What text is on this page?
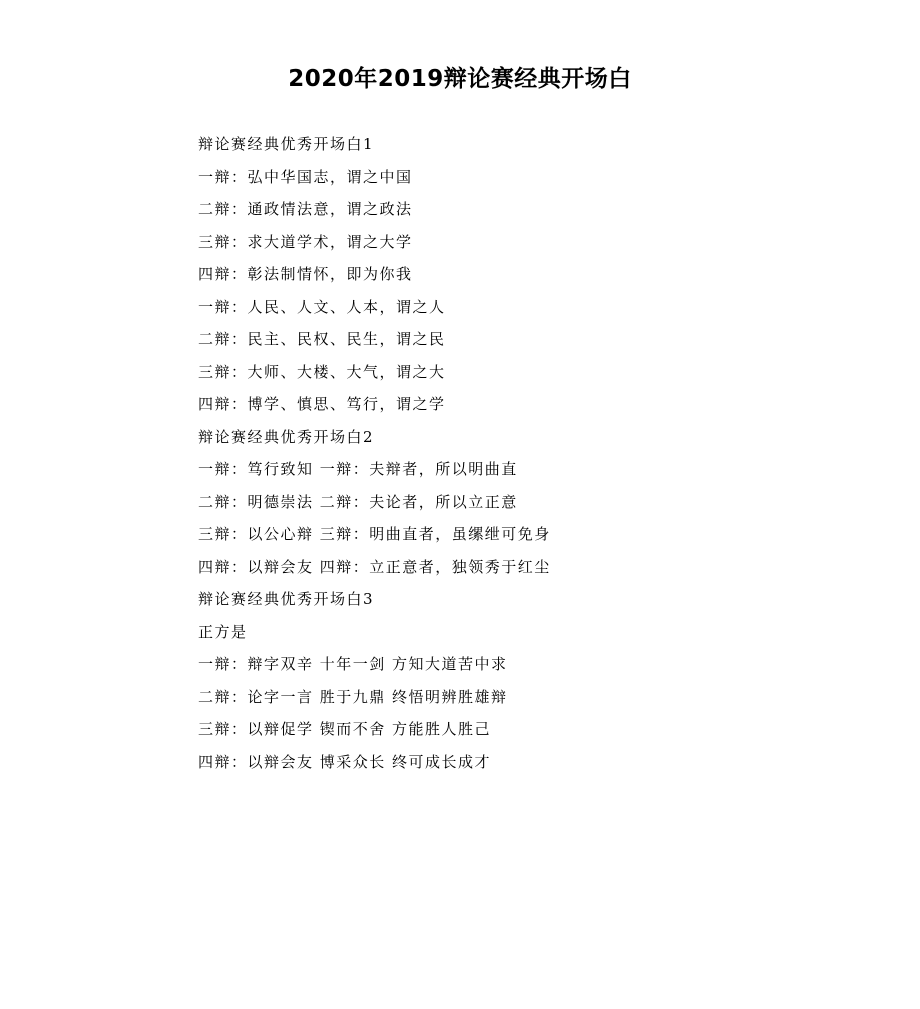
2020年2019辩论赛经典开场白
辩论赛经典优秀开场白1
一辩：弘中华国志，谓之中国
二辩：通政情法意，谓之政法
三辩：求大道学术，谓之大学
四辩：彰法制情怀，即为你我
一辩：人民、人文、人本，谓之人
二辩：民主、民权、民生，谓之民
三辩：大师、大楼、大气，谓之大
四辩：博学、慎思、笃行，谓之学
辩论赛经典优秀开场白2
一辩：笃行致知 一辩：夫辩者，所以明曲直
二辩：明德崇法 二辩：夫论者，所以立正意
三辩：以公心辩 三辩：明曲直者，虽缧绁可免身
四辩：以辩会友 四辩：立正意者，独领秀于红尘
辩论赛经典优秀开场白3
正方是
一辩：辩字双辛 十年一剑 方知大道苦中求
二辩：论字一言 胜于九鼎 终悟明辨胜雄辩
三辩：以辩促学 锲而不舍 方能胜人胜己
四辩：以辩会友 博采众长 终可成长成才
